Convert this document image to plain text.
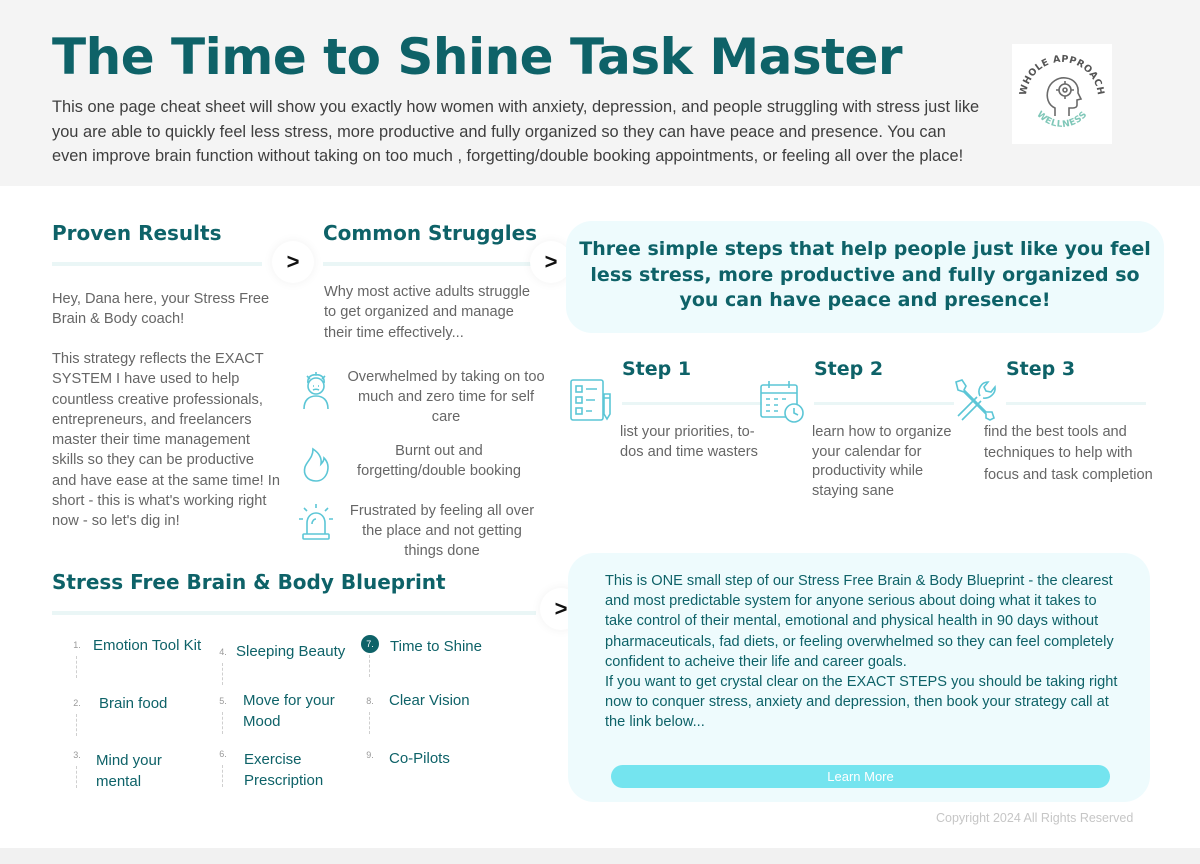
The Time to Shine Task Master

This one page cheat sheet will show you exactly how women with anxiety, depression, and people struggling with stress just like you are able to quickly feel less stress, more productive and fully organized so they can have peace and presence. You can even improve brain function without taking on too much , forgetting/double booking appointments, or feeling all over the place!

WHOLE APPROACH
WELLNESS
Proven Results

Hey, Dana here, your Stress Free Brain & Body coach!

This strategy reflects the EXACT SYSTEM I have used to help countless creative professionals, entrepreneurs, and freelancers master their time management skills so they can be productive and have ease at the same time! In short - this is what's working right now - so let's dig in!

>
Common Struggles

Why most active adults struggle to get organized and manage their time effectively...

>

Overwhelmed by taking on too much and zero time for self care

Burnt out and forgetting/double booking

Frustrated by feeling all over the place and not getting things done

Three simple steps that help people just like you feel less stress, more productive and fully organized so you can have peace and presence!

Step 1

list your priorities, to-dos and time wasters

Step 2

learn how to organize your calendar for productivity while staying sane

Step 3

find the best tools and techniques to help with focus and task completion

Stress Free Brain & Body Blueprint
1. Emotion Tool Kit

2.	Brain food

3.	Mind your mental

4. Sleeping Beauty

5.	Move for your Mood

6.	Exercise Prescription

7.	Time to Shine

8.	Clear Vision

9.	Co-Pilots

>
This is ONE small step of our Stress Free Brain & Body Blueprint - the clearest and most predictable system for anyone serious about doing what it takes to take control of their mental, emotional and physical health in 90 days without pharmaceuticals, fad diets, or feeling overwhelmed so they can feel completely confident to acheive their life and career goals.
If you want to get crystal clear on the EXACT STEPS you should be taking right now to conquer stress, anxiety and depression, then book your strategy call at the link below...
Learn More

Copyright 2024 All Rights Reserved
